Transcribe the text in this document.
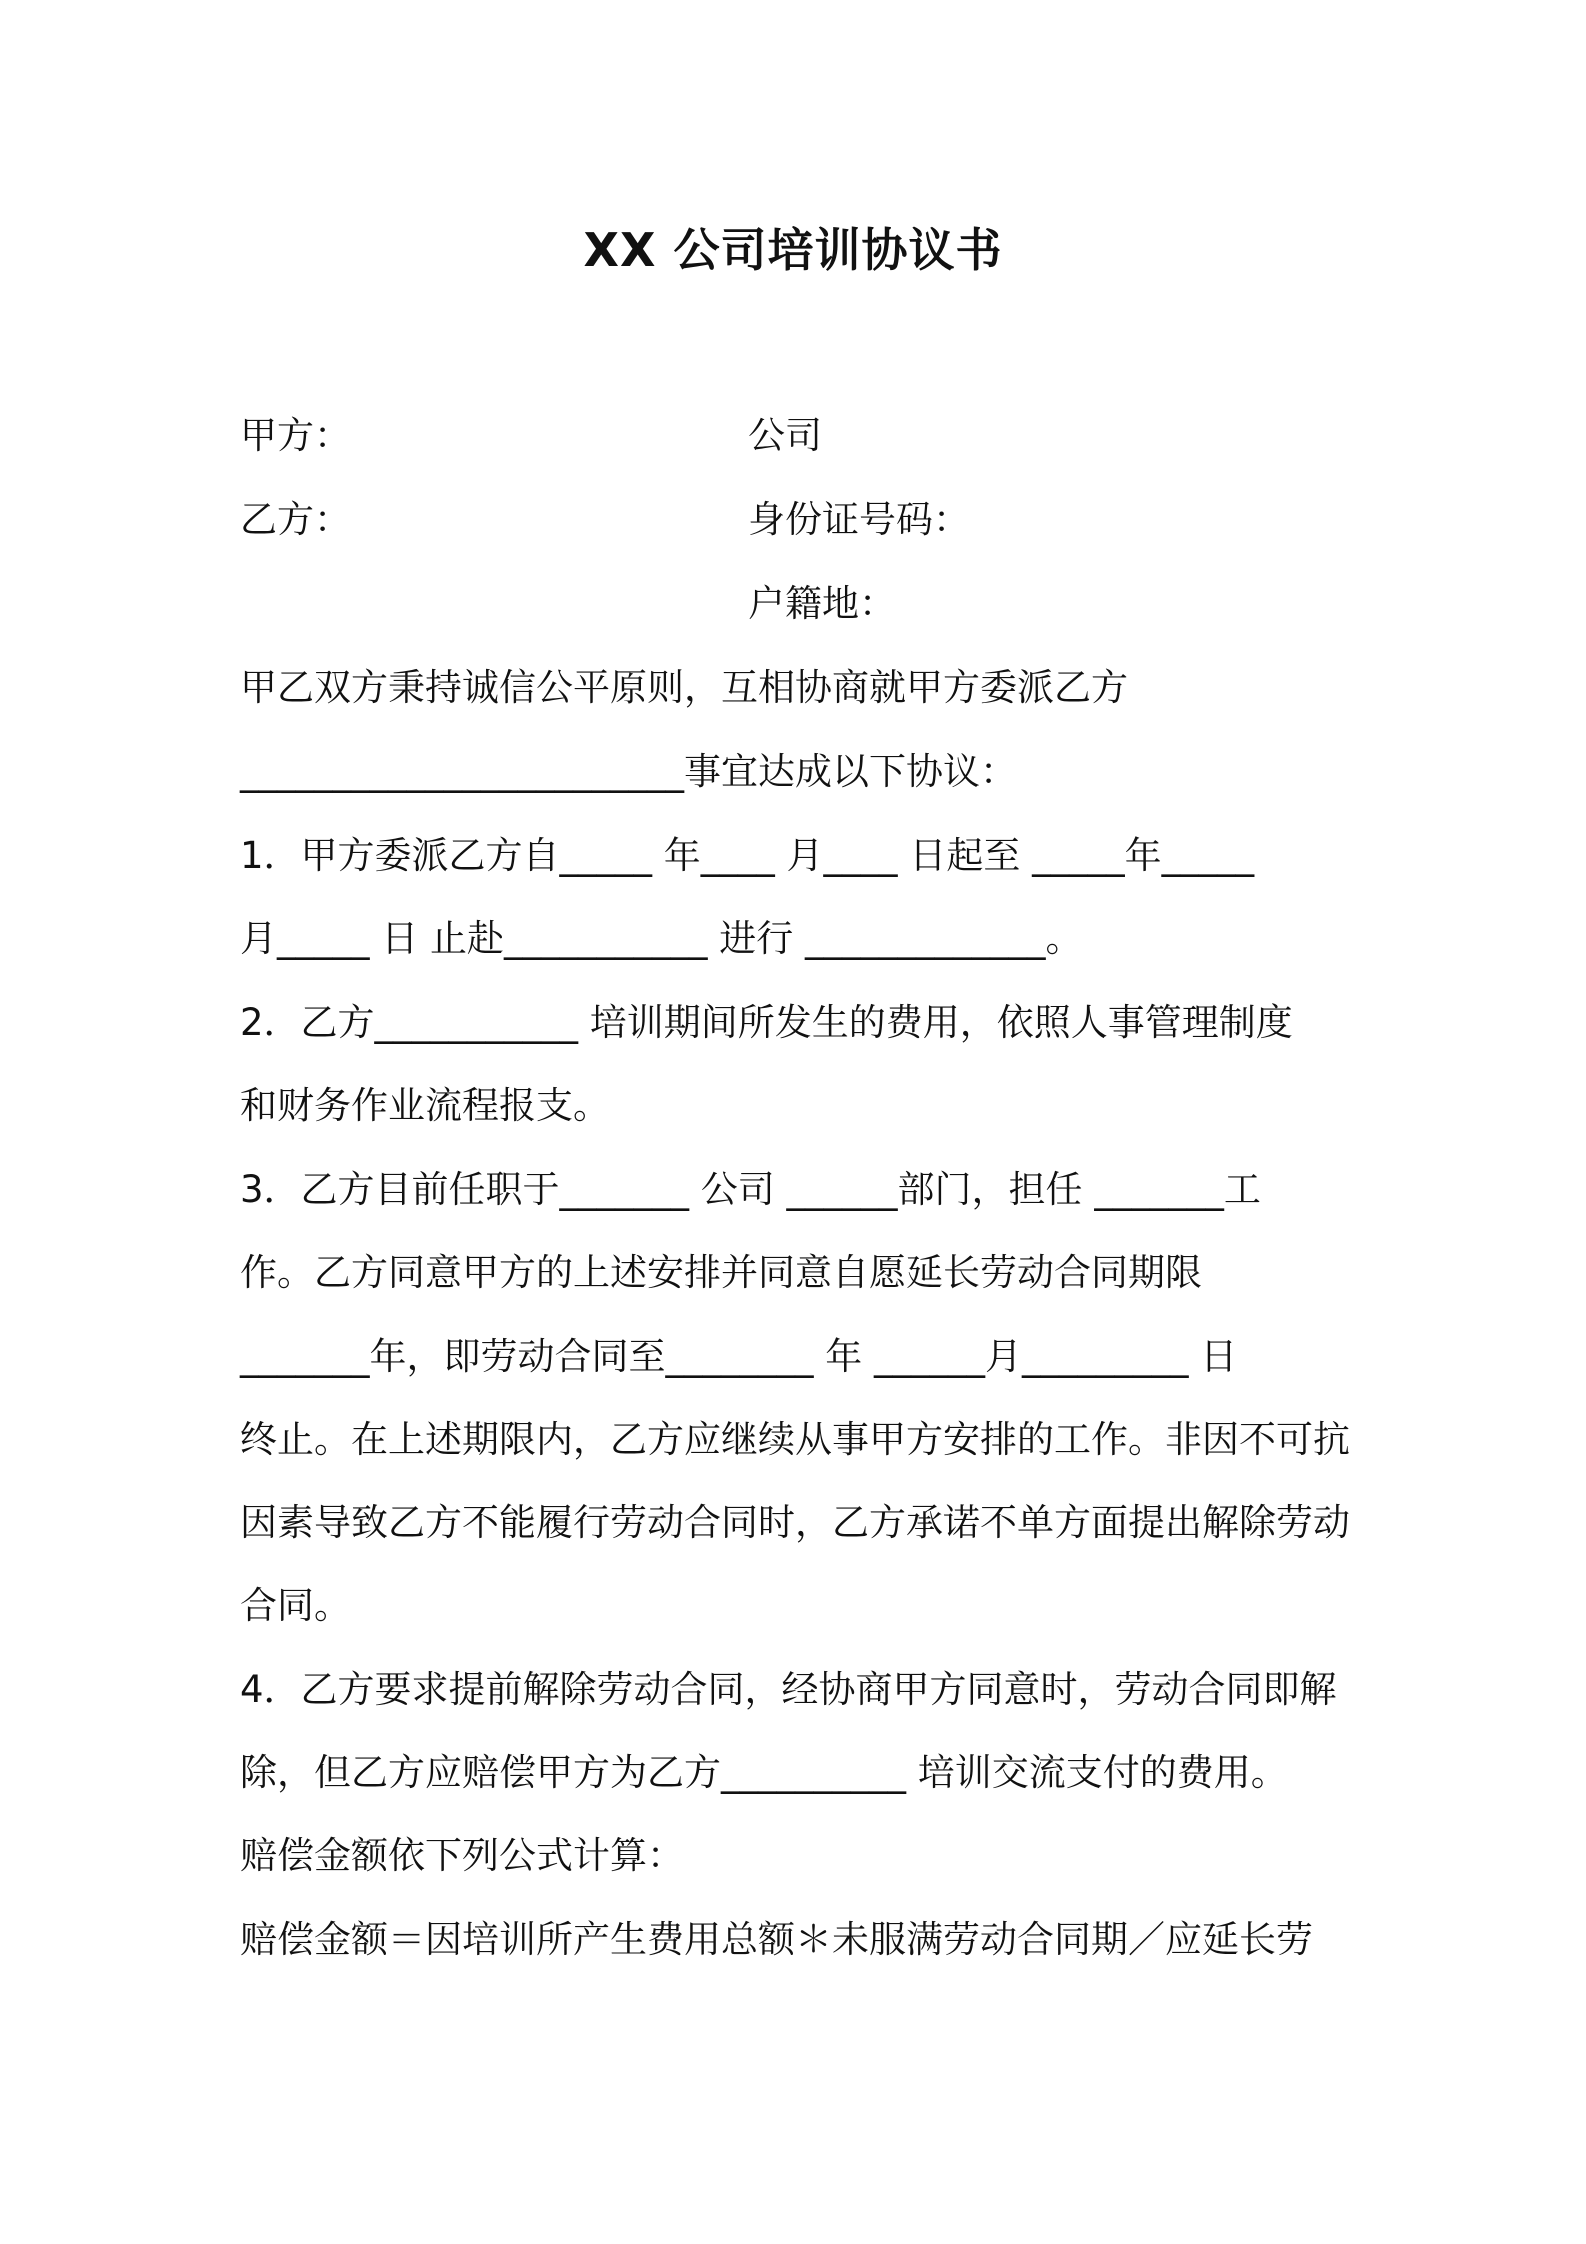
XX 公司培训协议书
甲方：	公司
乙方：	身份证号码：
户籍地：
甲乙双方秉持诚信公平原则，互相协商就甲方委派乙方
________________________事宜达成以下协议：
1．甲方委派乙方自_____ 年____ 月____ 日起至 _____年_____
月_____ 日 止赴___________ 进行 _____________。
2．乙方___________ 培训期间所发生的费用，依照人事管理制度
和财务作业流程报支。
3．乙方目前任职于_______ 公司 ______部门，担任 _______工
作。乙方同意甲方的上述安排并同意自愿延长劳动合同期限
_______年，即劳动合同至________ 年 ______月_________ 日
终止。在上述期限内，乙方应继续从事甲方安排的工作。非因不可抗
因素导致乙方不能履行劳动合同时，乙方承诺不单方面提出解除劳动
合同。
4．乙方要求提前解除劳动合同，经协商甲方同意时，劳动合同即解
除，但乙方应赔偿甲方为乙方__________ 培训交流支付的费用。
赔偿金额依下列公式计算：
赔偿金额＝因培训所产生费用总额＊未服满劳动合同期／应延长劳
